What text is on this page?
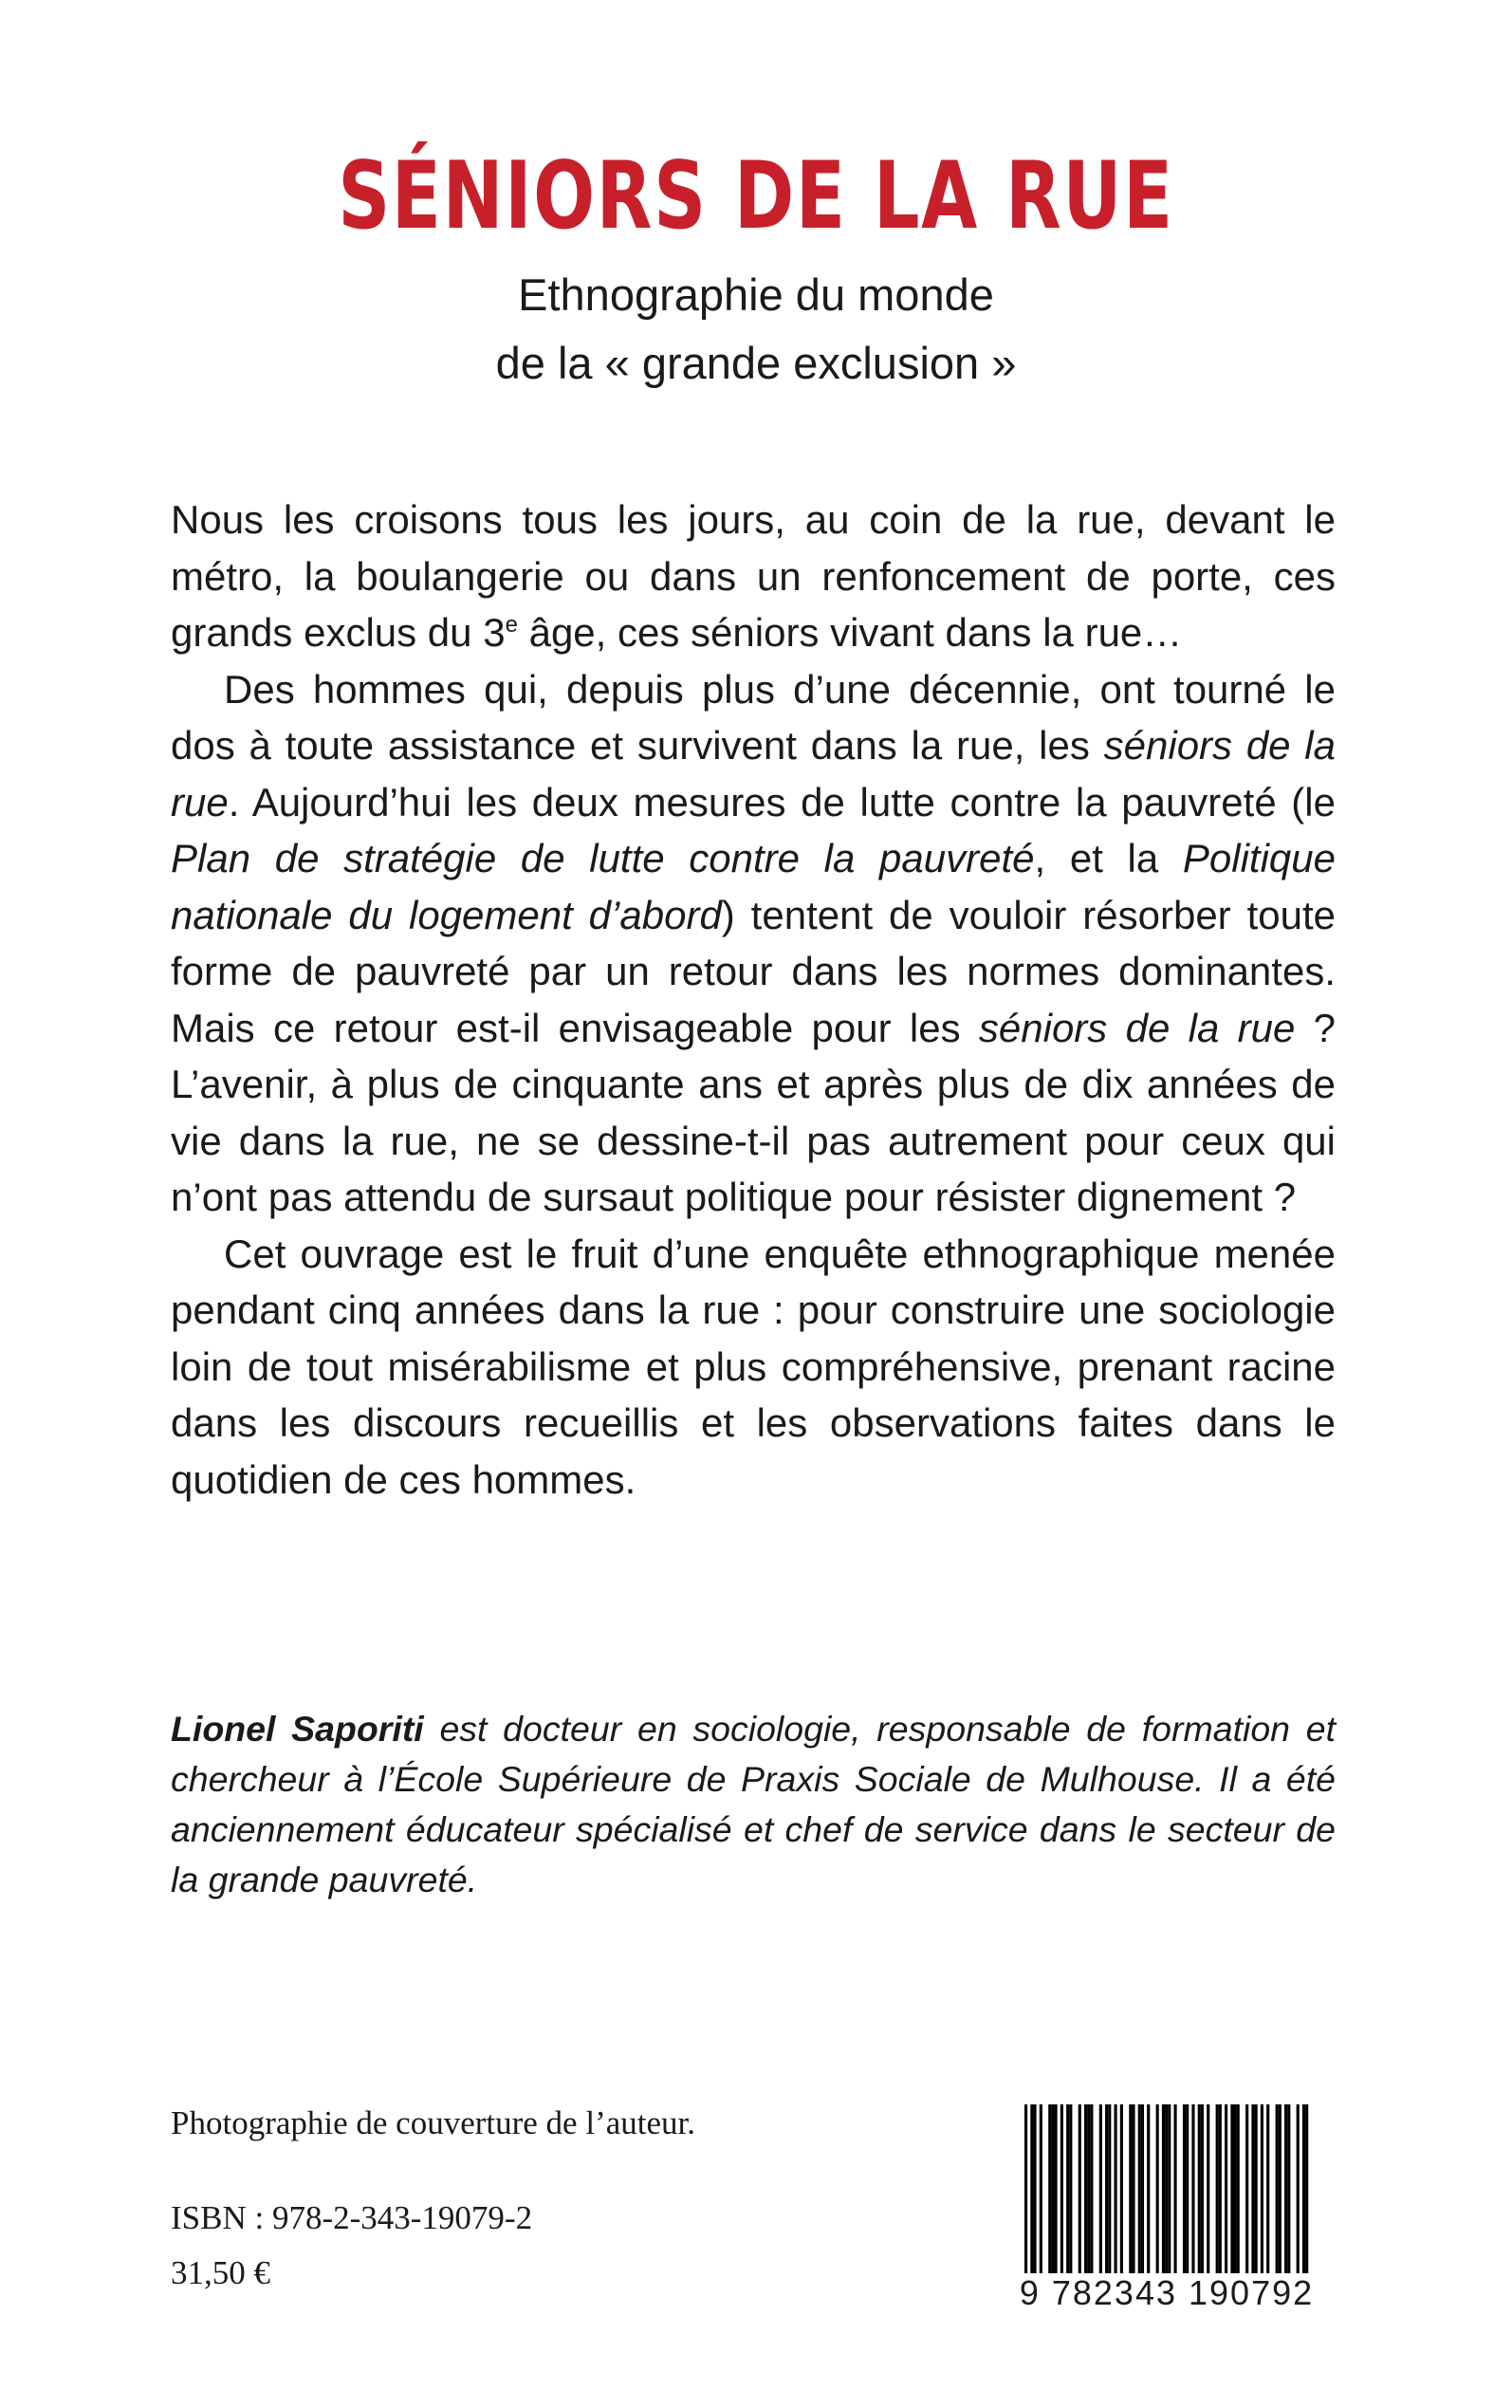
SÉNIORS DE LA RUE
Ethnographie du monde
de la « grande exclusion »

Nous les croisons tous les jours, au coin de la rue, devant le métro, la boulangerie ou dans un renfoncement de porte, ces grands exclus du 3e âge, ces séniors vivant dans la rue…

Des hommes qui, depuis plus d’une décennie, ont tourné le dos à toute assistance et survivent dans la rue, les séniors de la rue. Aujourd’hui les deux mesures de lutte contre la pauvreté (le Plan de stratégie de lutte contre la pauvreté, et la Politique nationale du logement d’abord) tentent de vouloir résorber toute forme de pauvreté par un retour dans les normes dominantes. Mais ce retour est-il envisageable pour les séniors de la rue ? L’avenir, à plus de cinquante ans et après plus de dix années de vie dans la rue, ne se dessine-t-il pas autrement pour ceux qui n’ont pas attendu de sursaut politique pour résister dignement ?

Cet ouvrage est le fruit d’une enquête ethnographique menée pendant cinq années dans la rue : pour construire une sociologie loin de tout misérabilisme et plus compréhensive, prenant racine dans les discours recueillis et les observations faites dans le quotidien de ces hommes.

Lionel Saporiti est docteur en sociologie, responsable de formation et chercheur à l’École Supérieure de Praxis Sociale de Mulhouse. Il a été anciennement éducateur spécialisé et chef de service dans le secteur de la grande pauvreté.

Photographie de couverture de l’auteur.

ISBN : 978-2-343-19079-2

31,50 €

9 782343 190792
